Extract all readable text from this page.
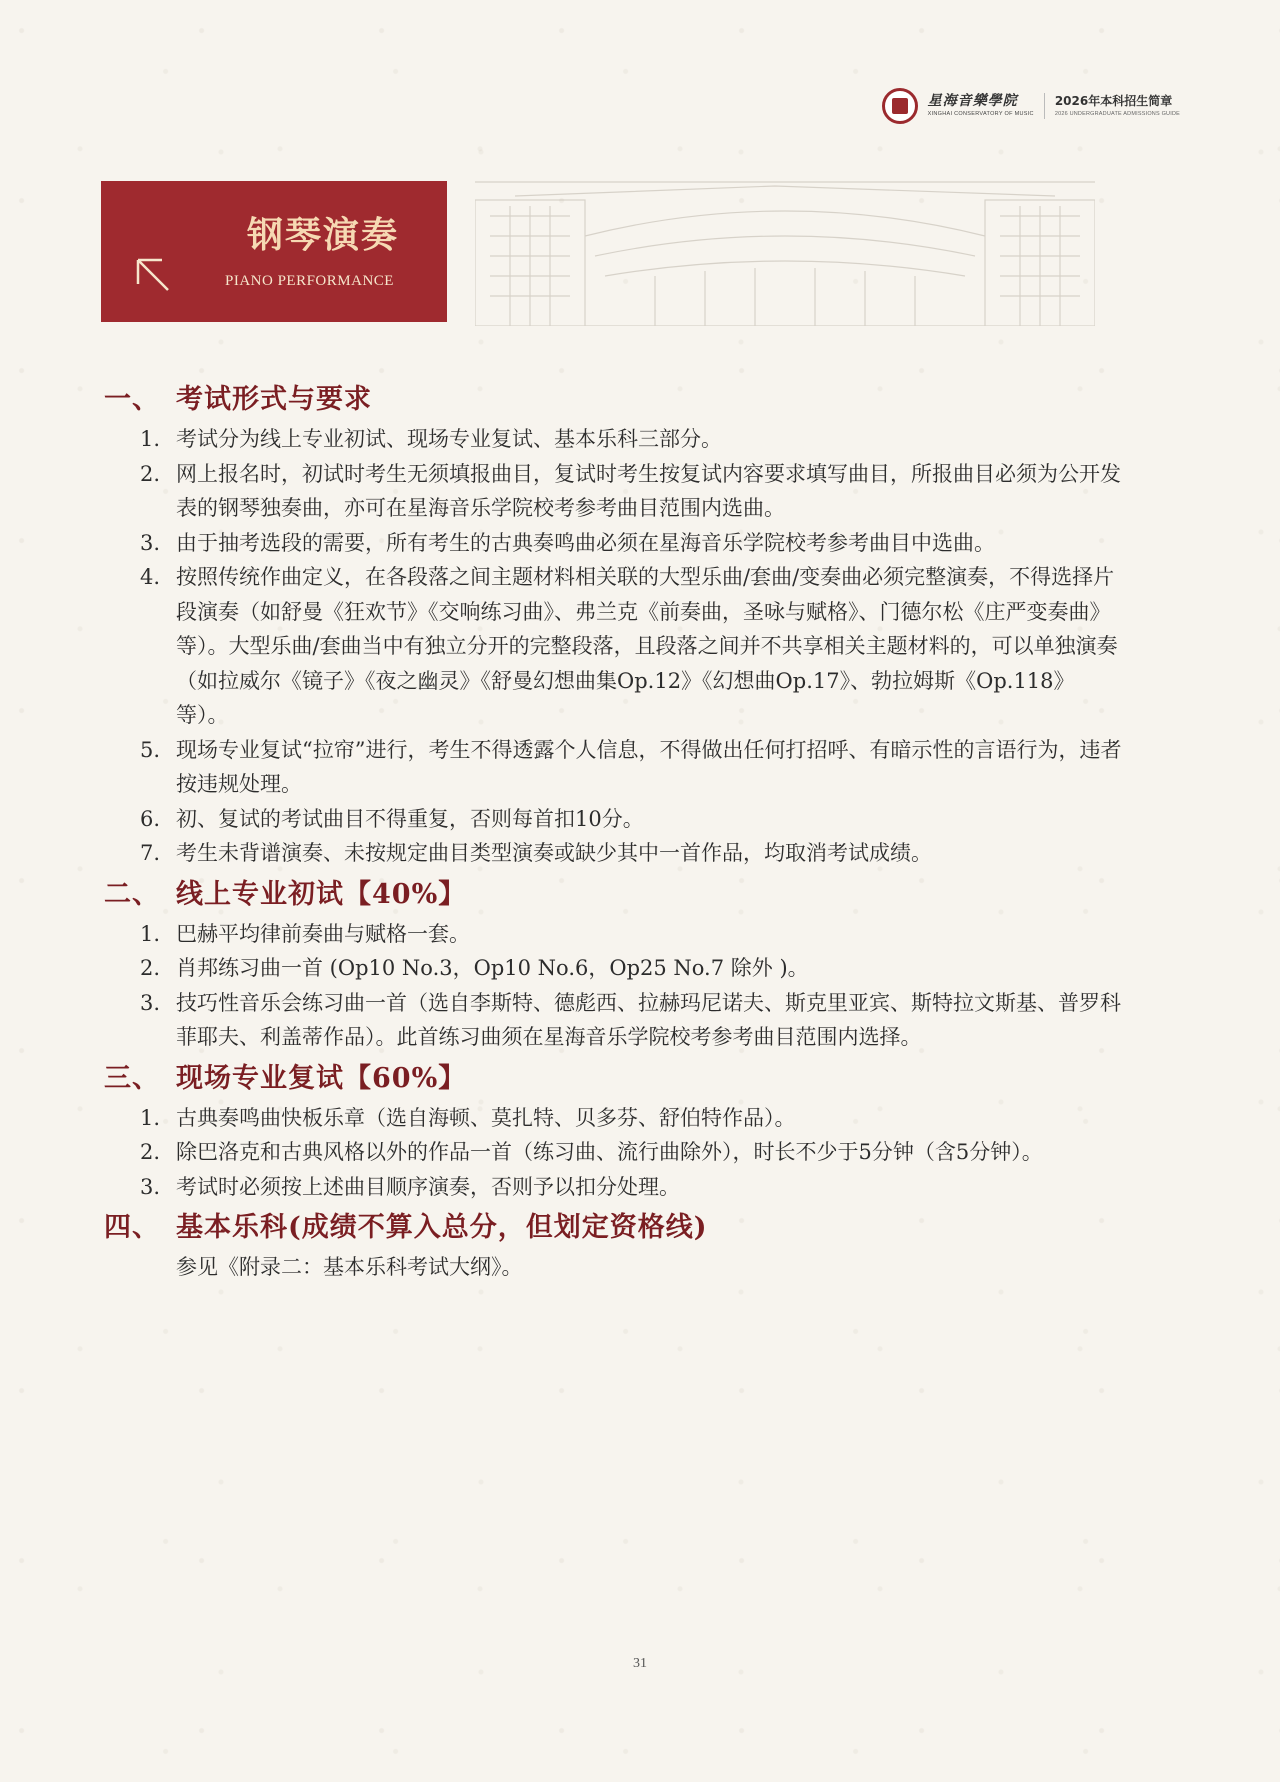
星海音樂學院
XINGHAI CONSERVATORY OF MUSIC
2026年本科招生简章
2026 UNDERGRADUATE ADMISSIONS GUIDE
钢琴演奏
PIANO PERFORMANCE
一、 考试形式与要求
1. 考试分为线上专业初试、现场专业复试、基本乐科三部分。
2. 网上报名时，初试时考生无须填报曲目，复试时考生按复试内容要求填写曲目，所报曲目必须为公开发表的钢琴独奏曲，亦可在星海音乐学院校考参考曲目范围内选曲。
3. 由于抽考选段的需要，所有考生的古典奏鸣曲必须在星海音乐学院校考参考曲目中选曲。
4. 按照传统作曲定义，在各段落之间主题材料相关联的大型乐曲/套曲/变奏曲必须完整演奏，不得选择片段演奏（如舒曼《狂欢节》《交响练习曲》、弗兰克《前奏曲，圣咏与赋格》、门德尔松《庄严变奏曲》等）。大型乐曲/套曲当中有独立分开的完整段落，且段落之间并不共享相关主题材料的，可以单独演奏（如拉威尔《镜子》《夜之幽灵》《舒曼幻想曲集Op.12》《幻想曲Op.17》、勃拉姆斯《Op.118》等）。
5. 现场专业复试“拉帘”进行，考生不得透露个人信息，不得做出任何打招呼、有暗示性的言语行为，违者按违规处理。
6. 初、复试的考试曲目不得重复，否则每首扣10分。
7. 考生未背谱演奏、未按规定曲目类型演奏或缺少其中一首作品，均取消考试成绩。
二、 线上专业初试【40%】
1. 巴赫平均律前奏曲与赋格一套。
2. 肖邦练习曲一首 (Op10 No.3，Op10 No.6，Op25 No.7 除外 )。
3. 技巧性音乐会练习曲一首（选自李斯特、德彪西、拉赫玛尼诺夫、斯克里亚宾、斯特拉文斯基、普罗科菲耶夫、利盖蒂作品）。此首练习曲须在星海音乐学院校考参考曲目范围内选择。
三、 现场专业复试【60%】
1. 古典奏鸣曲快板乐章（选自海顿、莫扎特、贝多芬、舒伯特作品）。
2. 除巴洛克和古典风格以外的作品一首（练习曲、流行曲除外），时长不少于5分钟（含5分钟）。
3. 考试时必须按上述曲目顺序演奏，否则予以扣分处理。
四、 基本乐科(成绩不算入总分，但划定资格线)
参见《附录二：基本乐科考试大纲》。
31
